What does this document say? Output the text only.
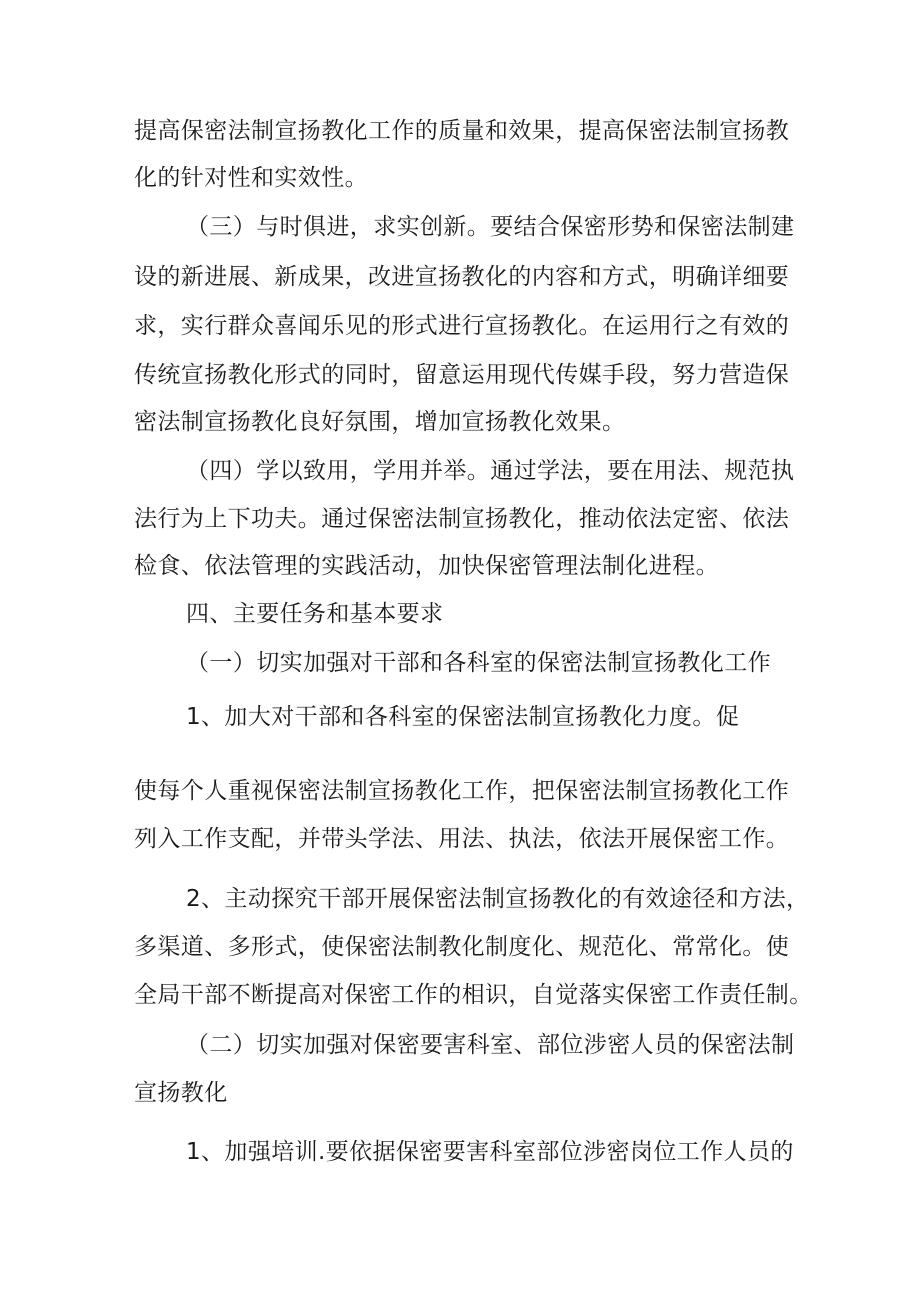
提高保密法制宣扬教化工作的质量和效果，提高保密法制宣扬教
化的针对性和实效性。
（三）与时俱进，求实创新。要结合保密形势和保密法制建
设的新进展、新成果，改进宣扬教化的内容和方式，明确详细要
求，实行群众喜闻乐见的形式进行宣扬教化。在运用行之有效的
传统宣扬教化形式的同时，留意运用现代传媒手段，努力营造保
密法制宣扬教化良好氛围，增加宣扬教化效果。
（四）学以致用，学用并举。通过学法，要在用法、规范执
法行为上下功夫。通过保密法制宣扬教化，推动依法定密、依法
检食、依法管理的实践活动，加快保密管理法制化进程。
四、主要任务和基本要求
（一）切实加强对干部和各科室的保密法制宣扬教化工作
1、加大对干部和各科室的保密法制宣扬教化力度。促
使每个人重视保密法制宣扬教化工作，把保密法制宣扬教化工作
列入工作支配，并带头学法、用法、执法，依法开展保密工作。
2、主动探究干部开展保密法制宣扬教化的有效途径和方法，
多渠道、多形式，使保密法制教化制度化、规范化、常常化。使
全局干部不断提高对保密工作的相识，自觉落实保密工作责任制。
（二）切实加强对保密要害科室、部位涉密人员的保密法制
宣扬教化
1、加强培训.要依据保密要害科室部位涉密岗位工作人员的
